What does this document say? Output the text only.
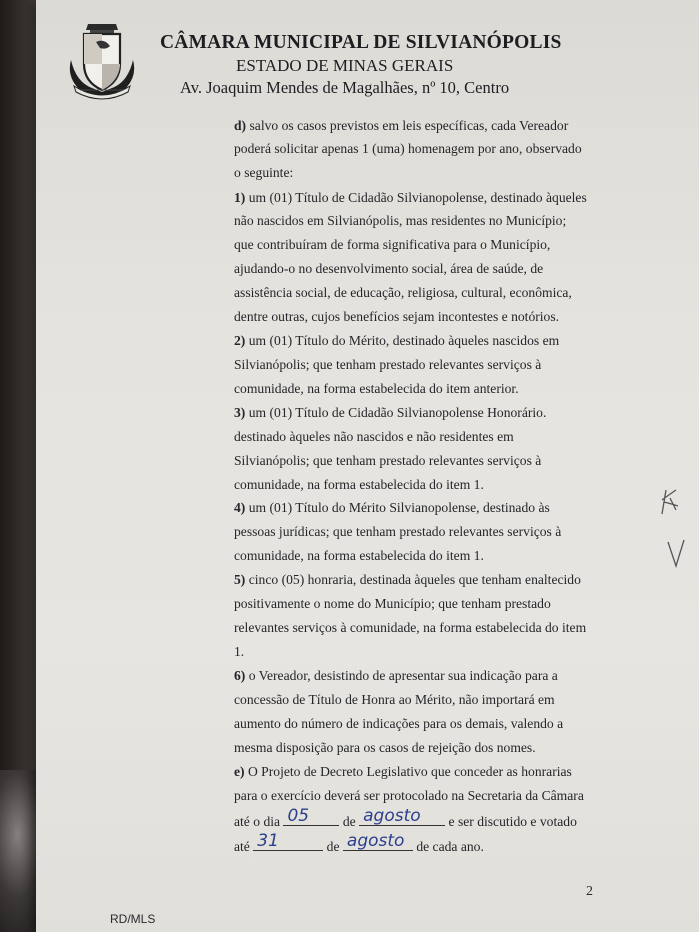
CÂMARA MUNICIPAL DE SILVIANÓPOLIS
ESTADO DE MINAS GERAIS
Av. Joaquim Mendes de Magalhães, nº 10, Centro
d) salvo os casos previstos em leis específicas, cada Vereador
poderá solicitar apenas 1 (uma) homenagem por ano, observado
o seguinte:
1) um (01) Título de Cidadão Silvianopolense, destinado àqueles
não nascidos em Silvianópolis, mas residentes no Município;
que contribuíram de forma significativa para o Município,
ajudando-o no desenvolvimento social, área de saúde, de
assistência social, de educação, religiosa, cultural, econômica,
dentre outras, cujos benefícios sejam incontestes e notórios.
2) um (01) Título do Mérito, destinado àqueles nascidos em
Silvianópolis; que tenham prestado relevantes serviços à
comunidade, na forma estabelecida do item anterior.
3) um (01) Título de Cidadão Silvianopolense Honorário.
destinado àqueles não nascidos e não residentes em
Silvianópolis; que tenham prestado relevantes serviços à
comunidade, na forma estabelecida do item 1.
4) um (01) Título do Mérito Silvianopolense, destinado às
pessoas jurídicas; que tenham prestado relevantes serviços à
comunidade, na forma estabelecida do item 1.
5) cinco (05) honraria, destinada àqueles que tenham enaltecido
positivamente o nome do Município; que tenham prestado
relevantes serviços à comunidade, na forma estabelecida do item
1.
6) o Vereador, desistindo de apresentar sua indicação para a
concessão de Título de Honra ao Mérito, não importará em
aumento do número de indicações para os demais, valendo a
mesma disposição para os casos de rejeição dos nomes.
e) O Projeto de Decreto Legislativo que conceder as honrarias
para o exercício deverá ser protocolado na Secretaria da Câmara
até o dia 05 de agosto e ser discutido e votado
até 31	de agosto de cada ano.
2
RD/MLS
